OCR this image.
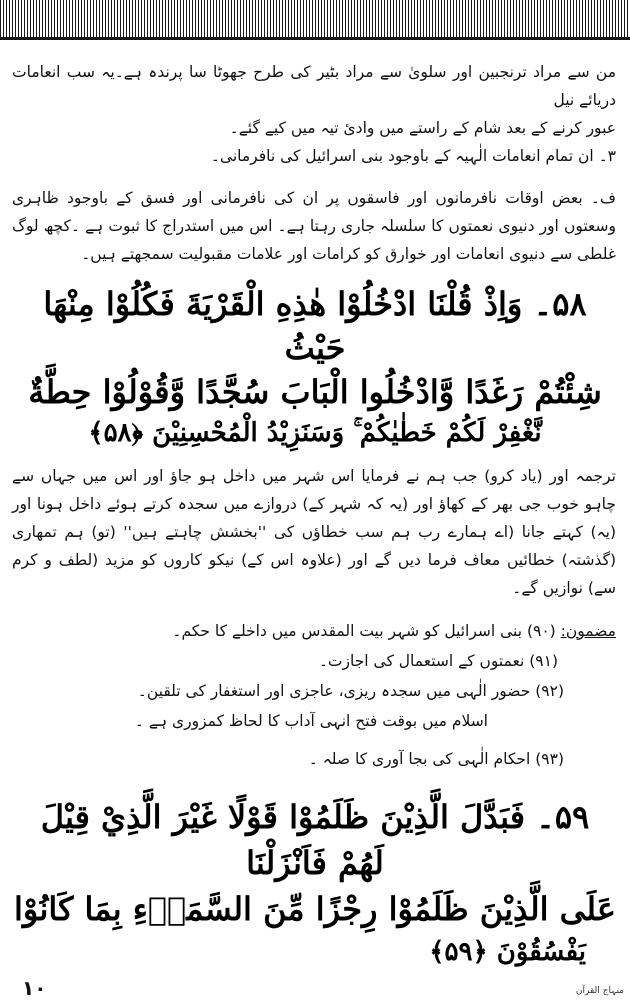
من سے مراد ترنجبین اور سلویٰ سے مراد بٹیر کی طرح جھوٹا سا پرندہ ہے۔یہ سب انعامات دریائے نیل
عبور کرنے کے بعد شام کے راستے میں وادیٔ تیہ میں کیے گئے۔
۳۔ ان تمام انعامات الٰہیہ کے باوجود بنی اسرائیل کی نافرمانی۔
ف۔ بعض اوقات نافرمانوں اور فاسقوں پر ان کی نافرمانی اور فسق کے باوجود ظاہری وسعتوں اور دنیوی نعمتوں کا سلسلہ جاری رہتا ہے۔ اس میں استدراج کا ثبوت ہے ۔کچھ لوگ غلطی سے دنیوی انعامات اور خوارق کو کرامات اور علامات مقبولیت سمجھتے ہیں۔
۵۸۔ وَاِذْ قُلْنَا ادْخُلُوْا هٰذِهِ الْقَرْيَةَ فَكُلُوْا مِنْهَا حَيْثُ
شِئْتُمْ رَغَدًا وَّادْخُلُوا الْبَابَ سُجَّدًا وَّقُوْلُوْا حِطَّةٌ
نَّغْفِرْ لَكُمْ خَطٰيٰكُمْ ۚ وَسَنَزِيْدُ الْمُحْسِنِيْنَ ﴿۵۸﴾
ترجمہ اور (یاد کرو) جب ہم نے فرمایا اس شہر میں داخل ہو جاؤ اور اس میں جہاں سے چاہو خوب جی بھر کے کھاؤ اور (یہ کہ شہر کے) دروازے میں سجدہ کرتے ہوئے داخل ہونا اور (یہ) کہتے جانا (اے ہمارے رب ہم سب خطاؤں کی ''بخشش چاہتے ہیں'' (تو) ہم تمھاری (گذشتہ) خطائیں معاف فرما دیں گے اور (علاوہ اس کے) نیکو کاروں کو مزید (لطف و کرم سے) نوازیں گے۔
مضمون: (۹۰) بنی اسرائیل کو شہر بیت المقدس میں داخلے کا حکم۔
(۹۱) نعمتوں کے استعمال کی اجازت۔
(۹۲) حضور الٰہی میں سجدہ ریزی، عاجزی اور استغفار کی تلقین۔
اسلام میں بوقت فتح انہی آداب کا لحاظ کمزوری ہے ۔
(۹۳) احکام الٰہی کی بجا آوری کا صلہ ۔
۵۹۔ فَبَدَّلَ الَّذِيْنَ ظَلَمُوْا قَوْلًا غَيْرَ الَّذِيْ قِيْلَ لَهُمْ فَاَنْزَلْنَا
عَلَى الَّذِيْنَ ظَلَمُوْا رِجْزًا مِّنَ السَّمَاۗءِ بِمَا كَانُوْا
يَفْسُقُوْنَ ﴿۵۹﴾
۱۰	منہاج القرآن
